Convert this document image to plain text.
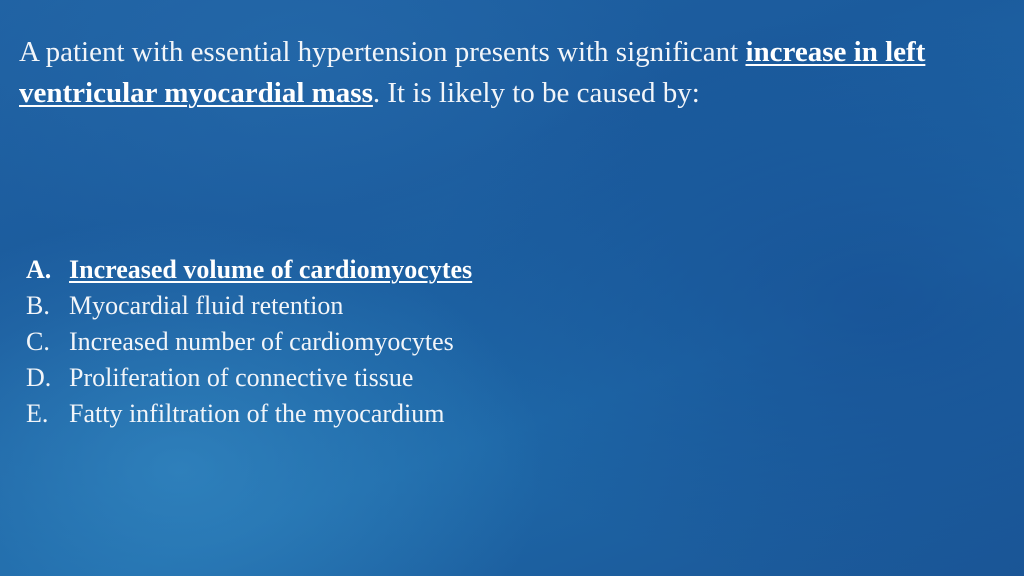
A patient with essential hypertension presents with significant increase in left ventricular myocardial mass. It is likely to be caused by:

A. Increased volume of cardiomyocytes
B. Myocardial fluid retention
C. Increased number of cardiomyocytes
D. Proliferation of connective tissue
E. Fatty infiltration of the myocardium
